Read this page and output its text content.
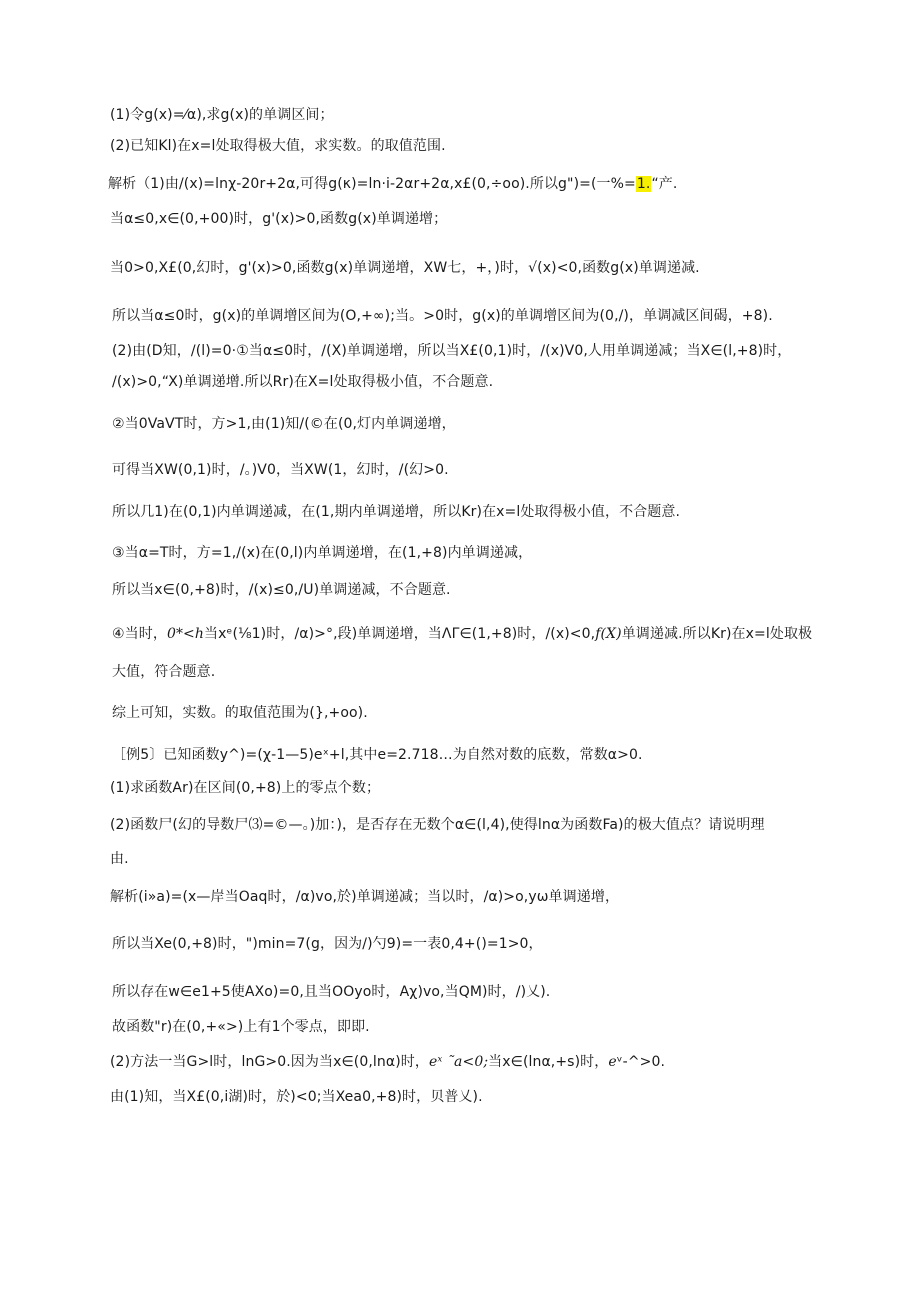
(1)令g(x)=⁄α),求g(x)的单调区间；
(2)已知Kl)在x=l处取得极大值，求实数。的取值范围.
解析（1)由/(x)=lnχ-20r+2α,可得g(κ)=ln·i-2αr+2α,x£(0,÷oo).所以g")=(一%=1.“产.
当α≤0,x∈(0,+00)时，g'(x)>0,函数g(x)单调递增；
当0>0,X£(0,幻时，g'(x)>0,函数g(x)单调递增，XW七，+，)时，√(x)<0,函数g(x)单调递减.
所以当α≤0时，g(x)的单调增区间为(O,+∞);当。>0时，g(x)的单调增区间为(0,/)，单调减区间碣，+8).
(2)由(D知，/(l)=0·①当α≤0时，/(X)单调递增，所以当X£(0,1)时，/(x)V0,人用单调递减；当X∈(l,+8)时，
/(x)>0,“X)单调递增.所以Rr)在X=l处取得极小值，不合题意.
②当0VaVT时，方>1,由(1)知/(©在(0,灯内单调递增，
可得当XW(0,1)时，/。)V0，当XW(1，幻时，/(幻>0.
所以几1)在(0,1)内单调递减，在(1,期内单调递增，所以Kr)在x=l处取得极小值，不合题意.
③当α=T时，方=1,/(x)在(0,l)内单调递增，在(1,+8)内单调递减，
所以当x∈(0,+8)时，/(x)≤0,/U)单调递减，不合题意.
④当时，0*<h当xᵉ(⅛1)时，/α)>°,段)单调递增，当ΛΓ∈(1,+8)时，/(x)<0,f(X)单调递减.所以Kr)在x=l处取极
大值，符合题意.
综上可知，实数。的取值范围为(},+oo).
［例5〕已知函数y^)=(χ-1—5)eˣ+l,其中e=2.718…为自然对数的底数，常数α>0.
(1)求函数Ar)在区间(0,+8)上的零点个数；
(2)函数尸(幻的导数尸⑶=©—。)加：)，是否存在无数个α∈(l,4),使得lnα为函数Fa)的极大值点？请说明理
由.
解析(i»a)=(x—岸当Oaq时，/α)vo,於)单调递减；当以时，/α)>o,yω单调递增，
所以当Xe(0,+8)时，")min=7(g，因为/)勺9)=一表0,4+()=1>0，
所以存在w∈e1+5使AXo)=0,且当OOyo时，Aχ)vo,当QM)时，/)乂).
故函数"r)在(0,+«>)上有1个零点，即即.
(2)方法一当G>l时，lnG>0.因为当x∈(0,lnα)时，eˣ ˜a<0;当x∈(lnα,+s)时，eᵛ-^>0.
由(1)知，当X£(0,i湖)时，於)<0;当Xea0,+8)时，贝普乂).
